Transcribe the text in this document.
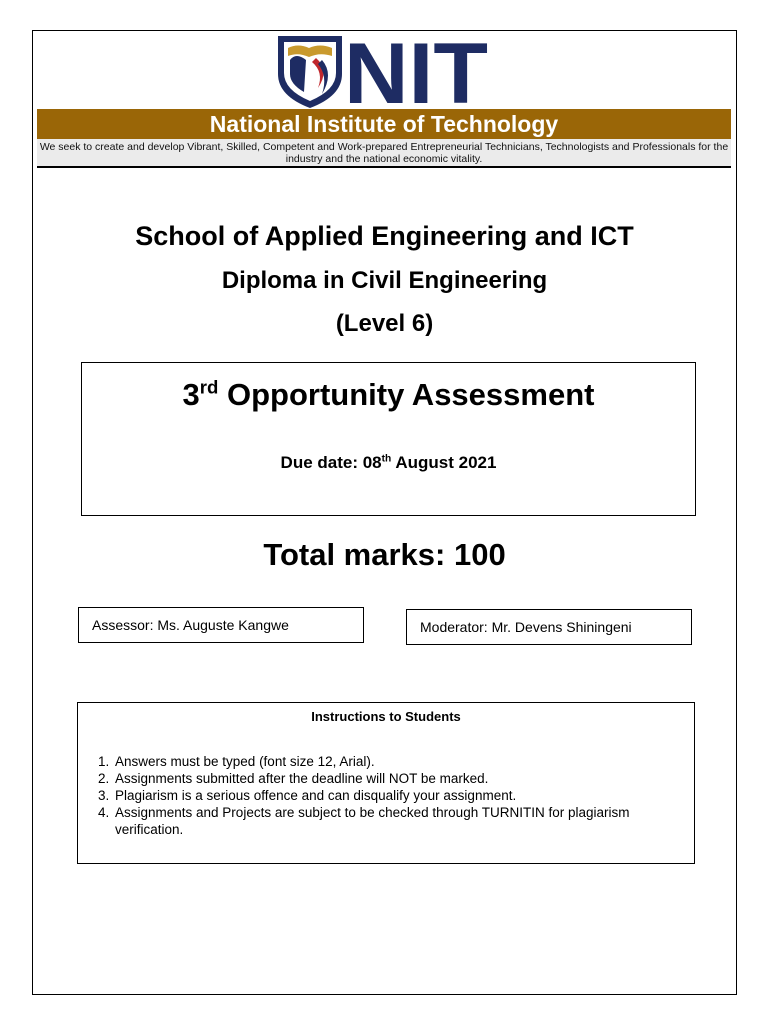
NIT
National Institute of Technology
We seek to create and develop Vibrant, Skilled, Competent and Work-prepared Entrepreneurial Technicians, Technologists and Professionals for the industry and the national economic vitality.
School of Applied Engineering and ICT
Diploma in Civil Engineering
(Level 6)
3rd Opportunity Assessment
Due date: 08th August 2021
Total marks: 100
Assessor: Ms. Auguste Kangwe	Moderator: Mr. Devens Shiningeni
Instructions to Students
1. Answers must be typed (font size 12, Arial).
2. Assignments submitted after the deadline will NOT be marked.
3. Plagiarism is a serious offence and can disqualify your assignment.
4. Assignments and Projects are subject to be checked through TURNITIN for plagiarism verification.
